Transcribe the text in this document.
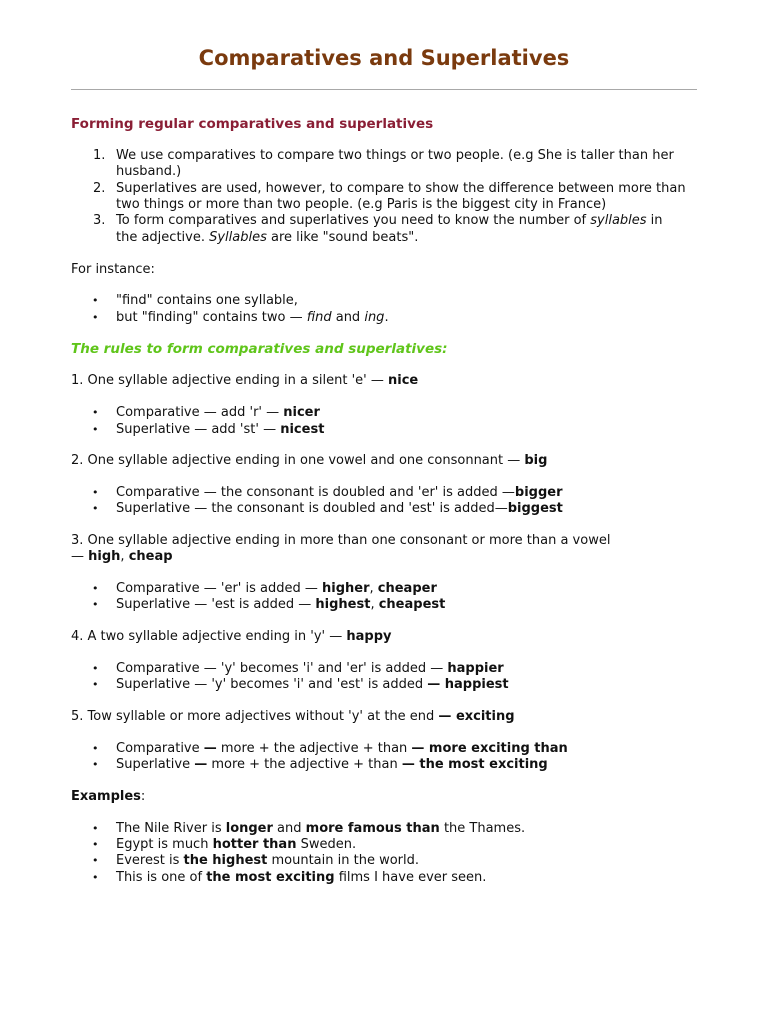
Comparatives and Superlatives
Forming regular comparatives and superlatives
1. We use comparatives to compare two things or two people. (e.g She is taller than her
husband.)
2. Superlatives are used, however, to compare to show the difference between more than
two things or more than two people. (e.g Paris is the biggest city in France)
3. To form comparatives and superlatives you need to know the number of syllables in
the adjective. Syllables are like "sound beats".

For instance:

• "find" contains one syllable,
• but "finding" contains two — find and ing.
The rules to form comparatives and superlatives:

1. One syllable adjective ending in a silent 'e' — nice

• Comparative — add 'r' — nicer
• Superlative — add 'st' — nicest

2. One syllable adjective ending in one vowel and one consonnant — big

• Comparative — the consonant is doubled and 'er' is added —bigger
• Superlative — the consonant is doubled and 'est' is added—biggest

3. One syllable adjective ending in more than one consonant or more than a vowel

— high, cheap

• Comparative — 'er' is added — higher, cheaper
• Superlative — 'est is added — highest, cheapest

4. A two syllable adjective ending in 'y' — happy

• Comparative — 'y' becomes 'i' and 'er' is added — happier
• Superlative — 'y' becomes 'i' and 'est' is added — happiest

5. Tow syllable or more adjectives without 'y' at the end — exciting

• Comparative — more + the adjective + than — more exciting than
• Superlative — more + the adjective + than — the most exciting

Examples:

• The Nile River is longer and more famous than the Thames.
• Egypt is much hotter than Sweden.
• Everest is the highest mountain in the world.
• This is one of the most exciting films I have ever seen.
